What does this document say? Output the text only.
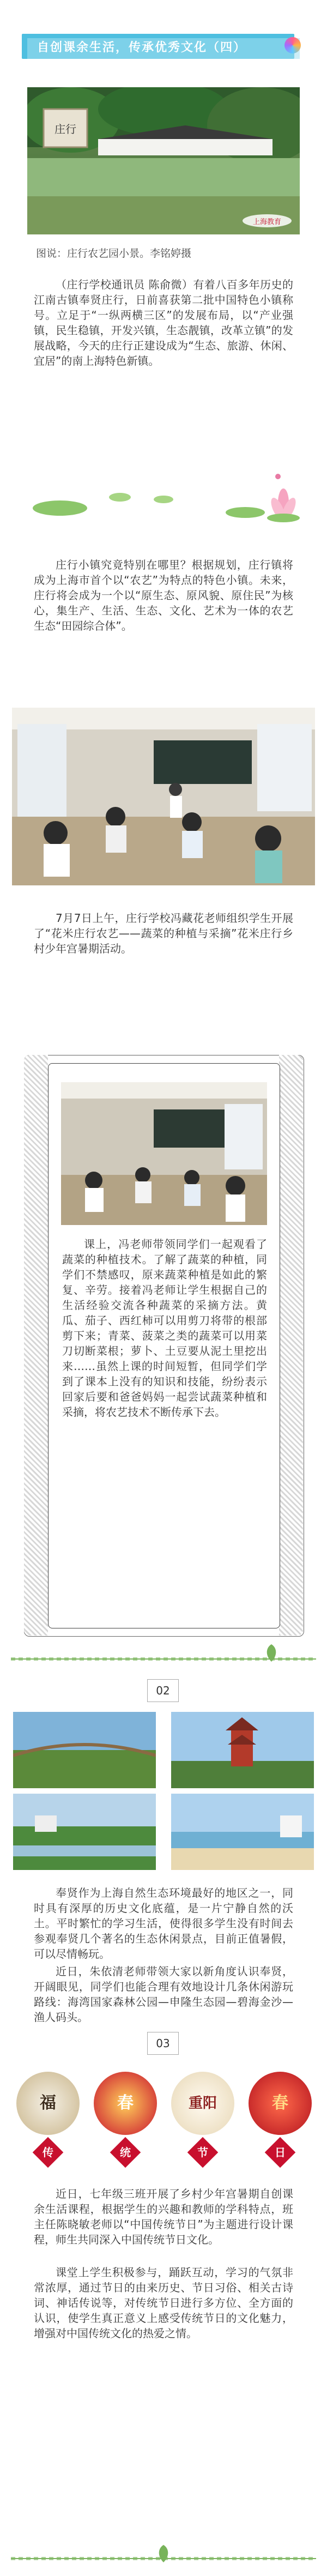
自创课余生活，传承优秀文化（四）
庄行
上海教育
图说：庄行农艺园小景。李铭婷摄
（庄行学校通讯员 陈俞微）有着八百多年历史的江南古镇奉贤庄行，日前喜获第二批中国特色小镇称号。立足于“一纵两横三区”的发展布局，以“产业强镇，民生稳镇，开发兴镇，生态靓镇，改革立镇”的发展战略，今天的庄行正建设成为“生态、旅游、休闲、宜居”的南上海特色新镇。
庄行小镇究竟特别在哪里？根据规划，庄行镇将成为上海市首个以“农艺”为特点的特色小镇。未来，庄行将会成为一个以“原生态、原风貌、原住民”为核心，集生产、生活、生态、文化、艺术为一体的农艺生态“田园综合体”。
7月7日上午，庄行学校冯藏花老师组织学生开展了“花米庄行农艺——蔬菜的种植与采摘”花米庄行乡村少年宫暑期活动。
课上，冯老师带领同学们一起观看了蔬菜的种植技术。了解了蔬菜的种植，同学们不禁感叹，原来蔬菜种植是如此的繁复、辛劳。接着冯老师让学生根据自己的生活经验交流各种蔬菜的采摘方法。黄瓜、茄子、西红柿可以用剪刀将带的根部剪下来；青菜、菠菜之类的蔬菜可以用菜刀切断菜根；萝卜、土豆要从泥土里挖出来……虽然上课的时间短暂，但同学们学到了课本上没有的知识和技能，纷纷表示回家后要和爸爸妈妈一起尝试蔬菜种植和采摘，将农艺技术不断传承下去。
02
奉贤作为上海自然生态环境最好的地区之一，同时具有深厚的历史文化底蕴，是一片宁静自然的沃土。平时繁忙的学习生活，使得很多学生没有时间去参观奉贤几个著名的生态休闲景点，目前正值暑假，可以尽情畅玩。
近日，朱依清老师带领大家以新角度认识奉贤，开阔眼见，同学们也能合理有效地设计几条休闲游玩路线：海湾国家森林公园—申隆生态园—碧海金沙—渔人码头。
03
福	春	重阳	春
传	统	节	日
近日，七年级三班开展了乡村少年宫暑期自创课余生活课程，根据学生的兴趣和教师的学科特点，班主任陈晓敏老师以“中国传统节日”为主题进行设计课程，师生共同深入中国传统节日文化。
课堂上学生积极参与，踊跃互动，学习的气氛非常浓厚，通过节日的由来历史、节日习俗、相关古诗词、神话传说等，对传统节日进行多方位、全方面的认识，使学生真正意义上感受传统节日的文化魅力，增强对中国传统文化的热爱之情。
